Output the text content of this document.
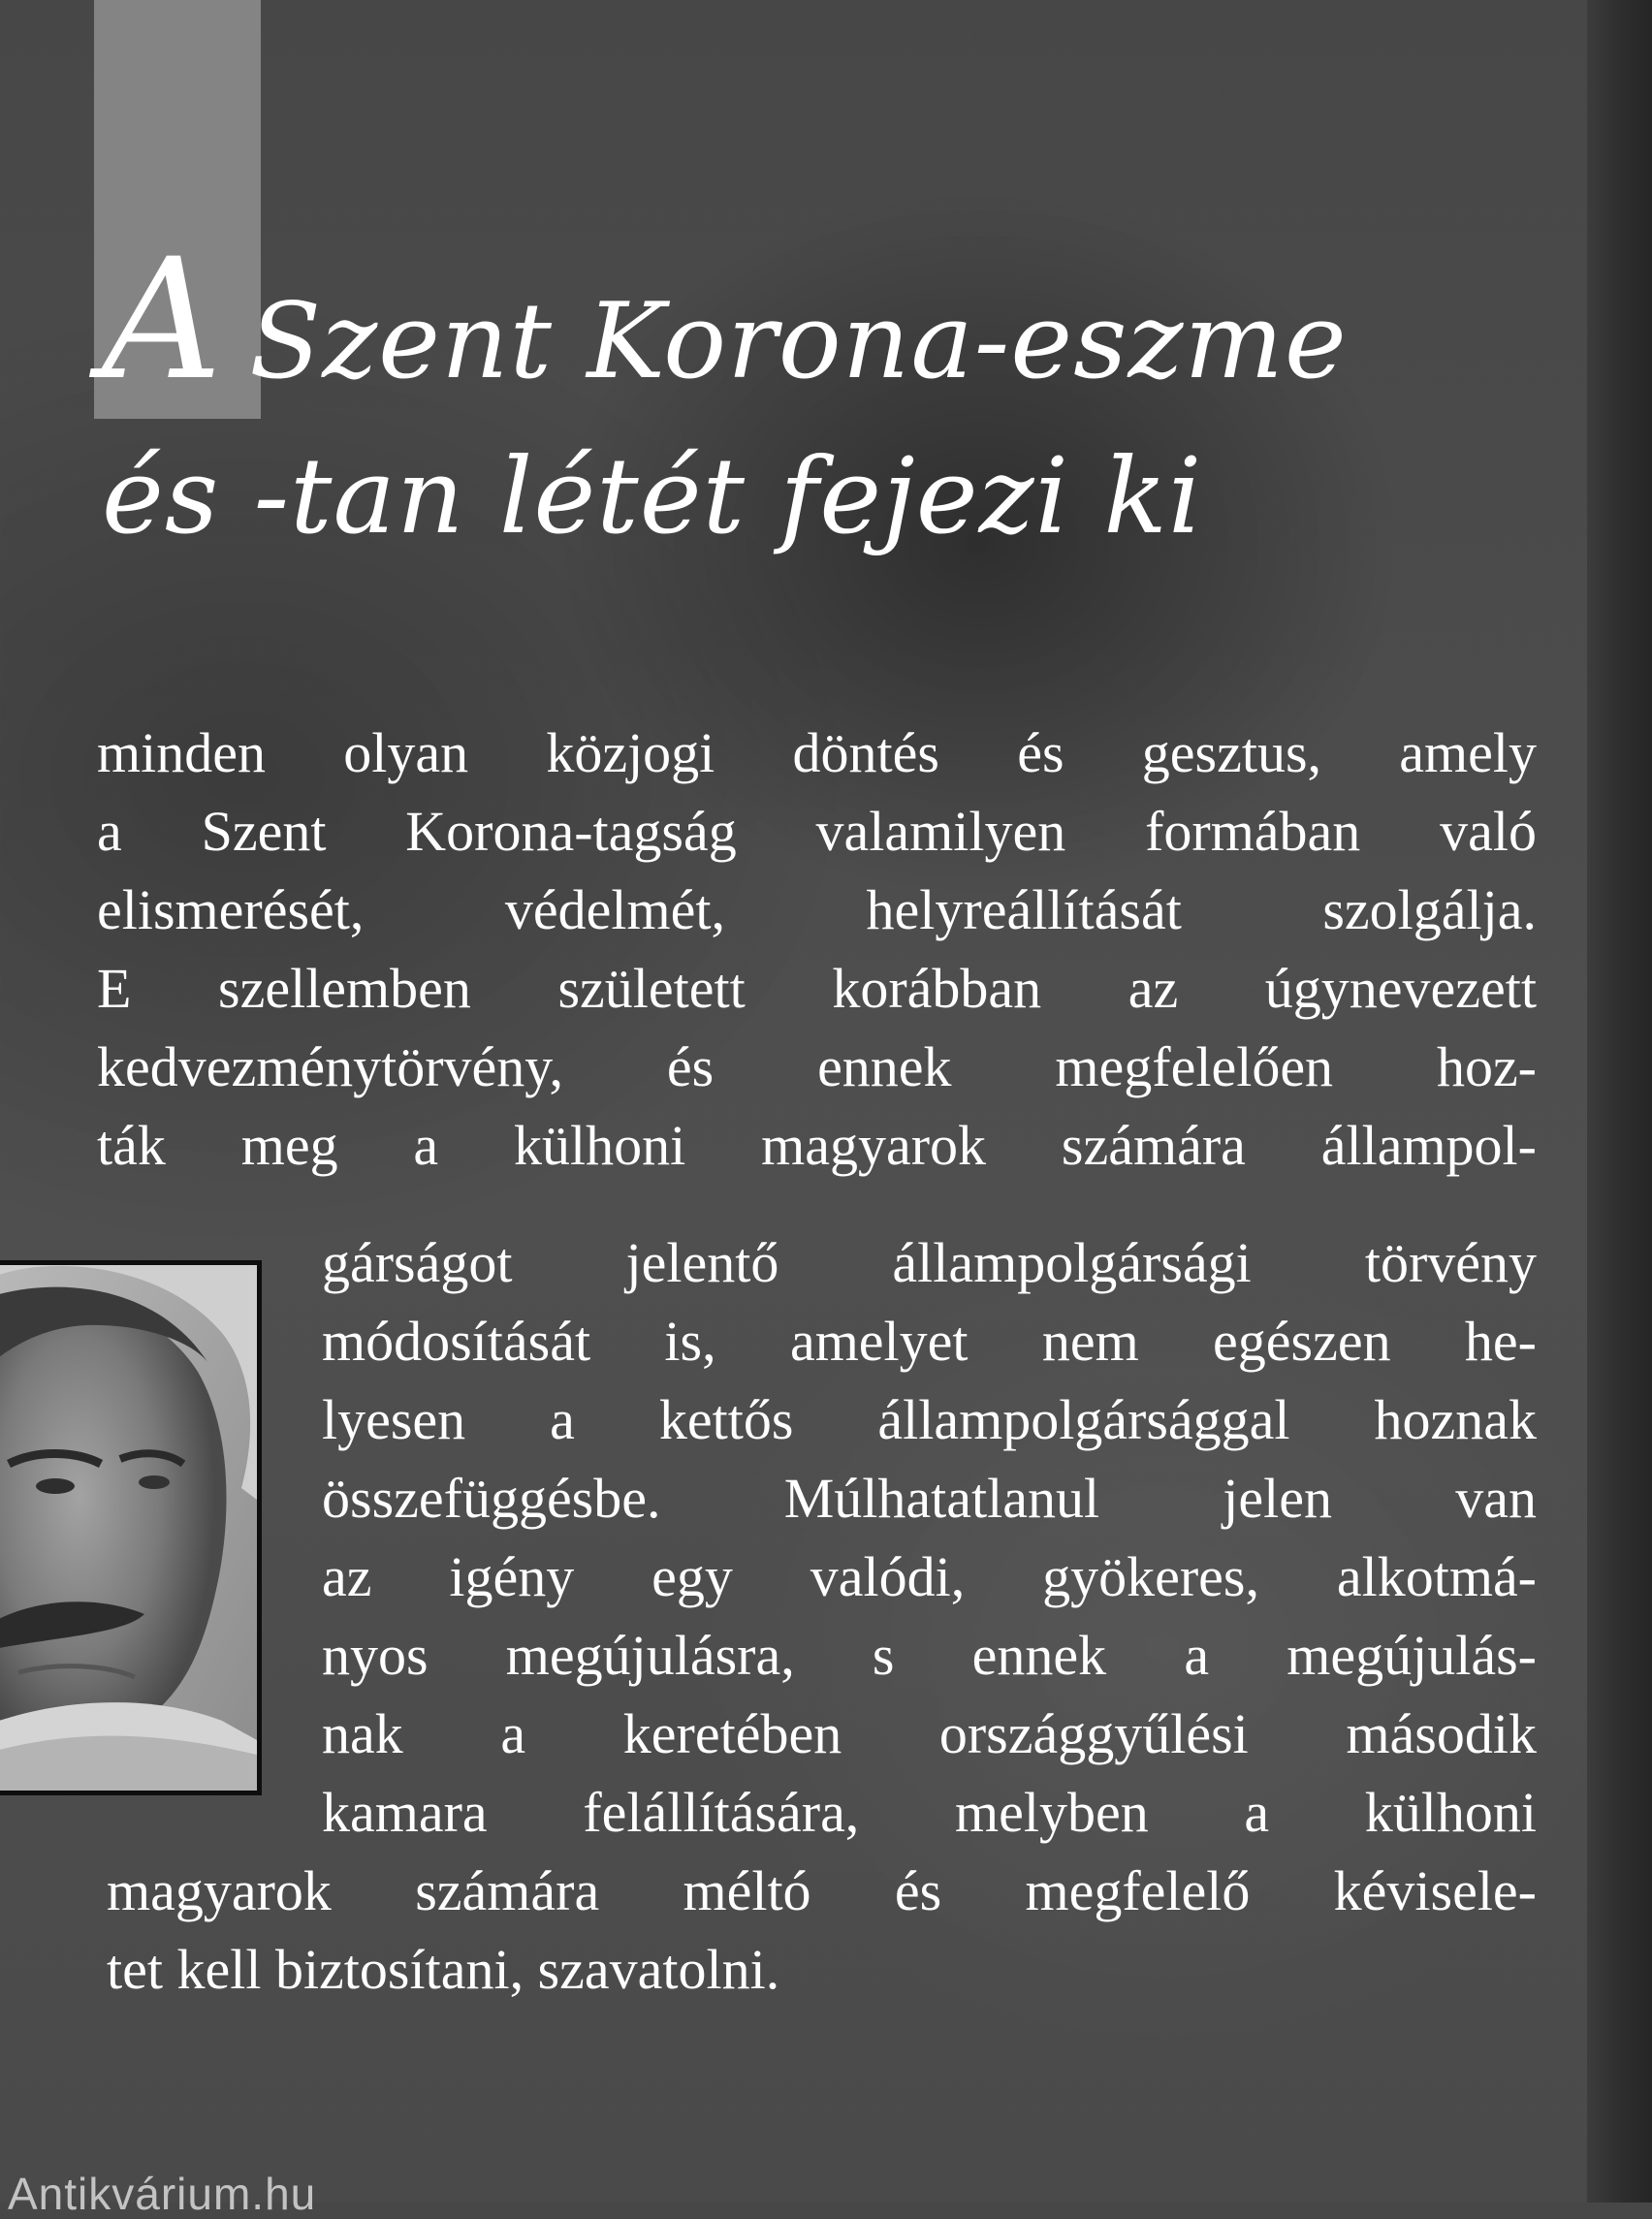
A Szent Korona-eszme
és -tan létét fejezi ki

minden olyan közjogi döntés és gesztus, amely
a Szent Korona-tagság valamilyen formában való
elismerését, védelmét, helyreállítását szolgálja.
E szellemben született korábban az úgynevezett
kedvezménytörvény, és ennek megfelelően hoz-
ták meg a külhoni magyarok számára állampol-

gárságot jelentő állampolgársági törvény
módosítását is, amelyet nem egészen he-
lyesen a kettős állampolgársággal hoznak
összefüggésbe. Múlhatatlanul jelen van
az igény egy valódi, gyökeres, alkotmá-
nyos megújulásra, s ennek a megújulás-
nak a keretében országgyűlési második
kamara felállítására, melyben a külhoni

magyarok számára méltó és megfelelő kéviselе-
tet kell biztosítani, szavatolni.

Antikvárium.hu
